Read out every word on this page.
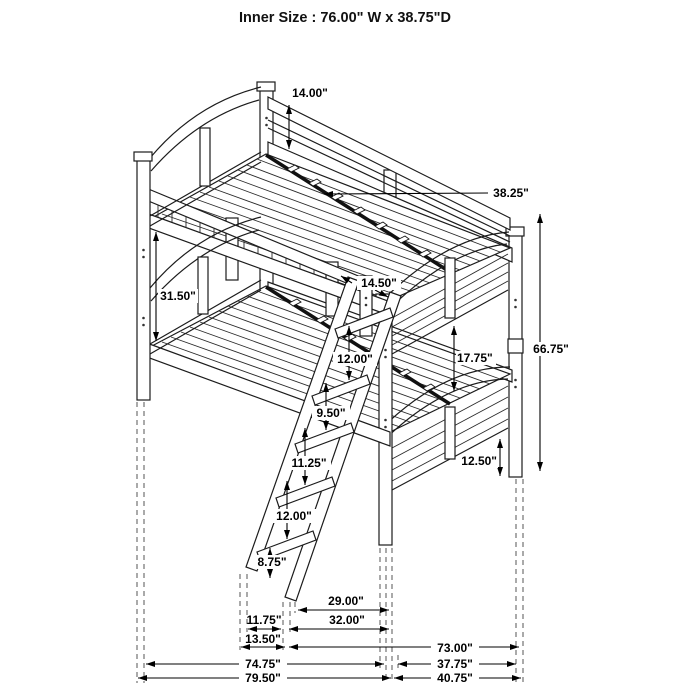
14.00"
38.25"
31.50"
14.50"
66.75"
17.75"
12.50"
12.00"
9.50"
11.25"
12.00"
8.75"
29.00"
11.75"	32.00"
13.50"
73.00"
74.75"	37.75"
79.50"	40.75"
Inner Size : 76.00" W x 38.75"D
